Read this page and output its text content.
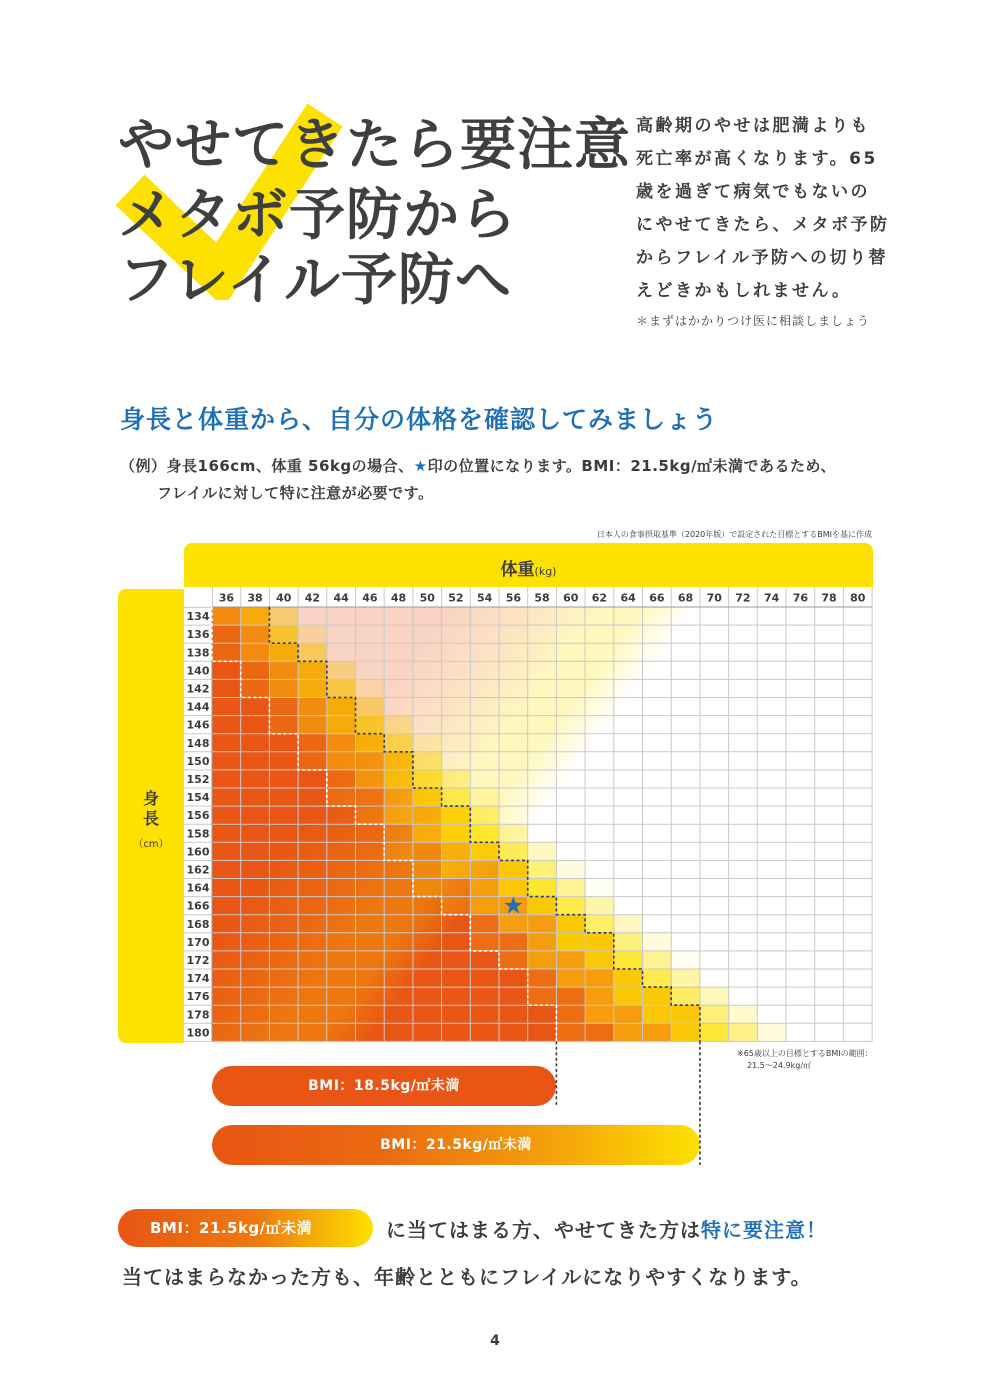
やせてきたら要注意
メタボ予防から
フレイル予防へ
高齢期のやせは肥満よりも
死亡率が高くなります。65
歳を過ぎて病気でもないの
にやせてきたら、メタボ予防
からフレイル予防への切り替
えどきかもしれません。
＊まずはかかりつけ医に相談しましょう
身長と体重から、自分の体格を確認してみましょう
（例）身長166cm、体重 56kgの場合、★印の位置になります。BMI：21.5kg/㎡未満であるため、
フレイルに対して特に注意が必要です。
日本人の食事摂取基準（2020年版）で設定された目標とするBMIを基に作成
体重(kg)
身
長
（cm）
36 38 40 42 44 46 48 50 52 54 56 58 60 62 64 66 68 70 72 74 76 78 80
134
136
138
140
142
144
146
148
150
152
154
156
158
160
162
164
166
168
170
172
174
176
178
180
★
※65歳以上の目標とするBMIの範囲：
21.5～24.9kg/㎡
BMI：18.5kg/㎡未満
BMI：21.5kg/㎡未満
BMI：21.5kg/㎡未満	に当てはまる方、やせてきた方は特に要注意！
当てはまらなかった方も、年齢とともにフレイルになりやすくなります。
4
